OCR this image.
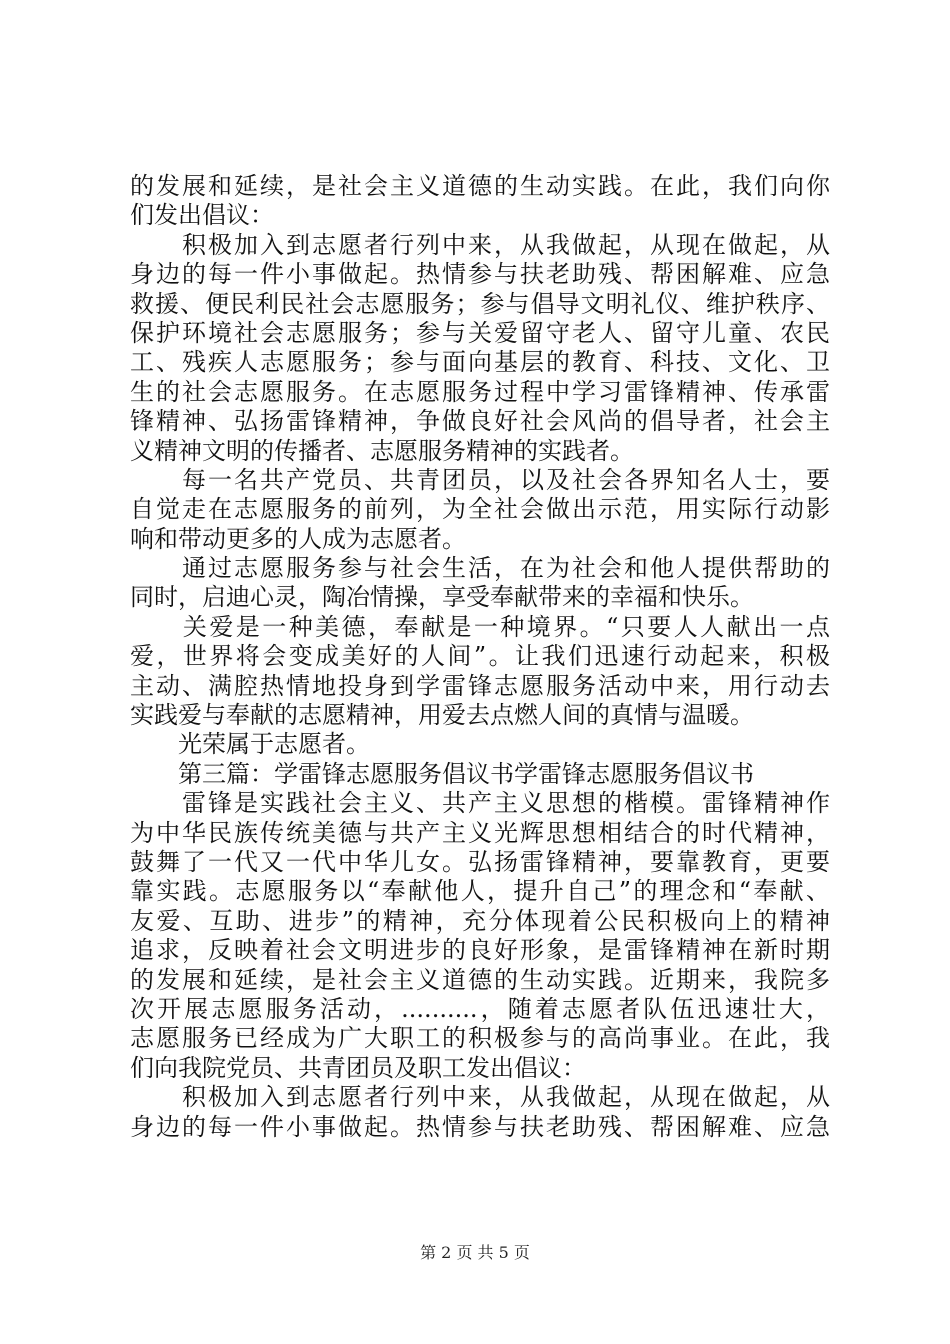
的发展和延续，是社会主义道德的生动实践。在此，我们向你
们发出倡议：
　　积极加入到志愿者行列中来，从我做起，从现在做起，从
身边的每一件小事做起。热情参与扶老助残、帮困解难、应急
救援、便民利民社会志愿服务；参与倡导文明礼仪、维护秩序、
保护环境社会志愿服务；参与关爱留守老人、留守儿童、农民
工、残疾人志愿服务；参与面向基层的教育、科技、文化、卫
生的社会志愿服务。在志愿服务过程中学习雷锋精神、传承雷
锋精神、弘扬雷锋精神，争做良好社会风尚的倡导者，社会主
义精神文明的传播者、志愿服务精神的实践者。
　　每一名共产党员、共青团员，以及社会各界知名人士，要
自觉走在志愿服务的前列，为全社会做出示范，用实际行动影
响和带动更多的人成为志愿者。
　　通过志愿服务参与社会生活，在为社会和他人提供帮助的
同时，启迪心灵，陶冶情操，享受奉献带来的幸福和快乐。
　　关爱是一种美德，奉献是一种境界。“只要人人献出一点
爱，世界将会变成美好的人间”。让我们迅速行动起来，积极
主动、满腔热情地投身到学雷锋志愿服务活动中来，用行动去
实践爱与奉献的志愿精神，用爱去点燃人间的真情与温暖。
　　光荣属于志愿者。
　　第三篇：学雷锋志愿服务倡议书学雷锋志愿服务倡议书
　　雷锋是实践社会主义、共产主义思想的楷模。雷锋精神作
为中华民族传统美德与共产主义光辉思想相结合的时代精神，
鼓舞了一代又一代中华儿女。弘扬雷锋精神，要靠教育，更要
靠实践。志愿服务以“奉献他人，提升自己”的理念和“奉献、
友爱、互助、进步”的精神，充分体现着公民积极向上的精神
追求，反映着社会文明进步的良好形象，是雷锋精神在新时期
的发展和延续，是社会主义道德的生动实践。近期来，我院多
次开展志愿服务活动，..........，随着志愿者队伍迅速壮大，
志愿服务已经成为广大职工的积极参与的高尚事业。在此，我
们向我院党员、共青团员及职工发出倡议：
　　积极加入到志愿者行列中来，从我做起，从现在做起，从
身边的每一件小事做起。热情参与扶老助残、帮困解难、应急
第 2 页 共 5 页
